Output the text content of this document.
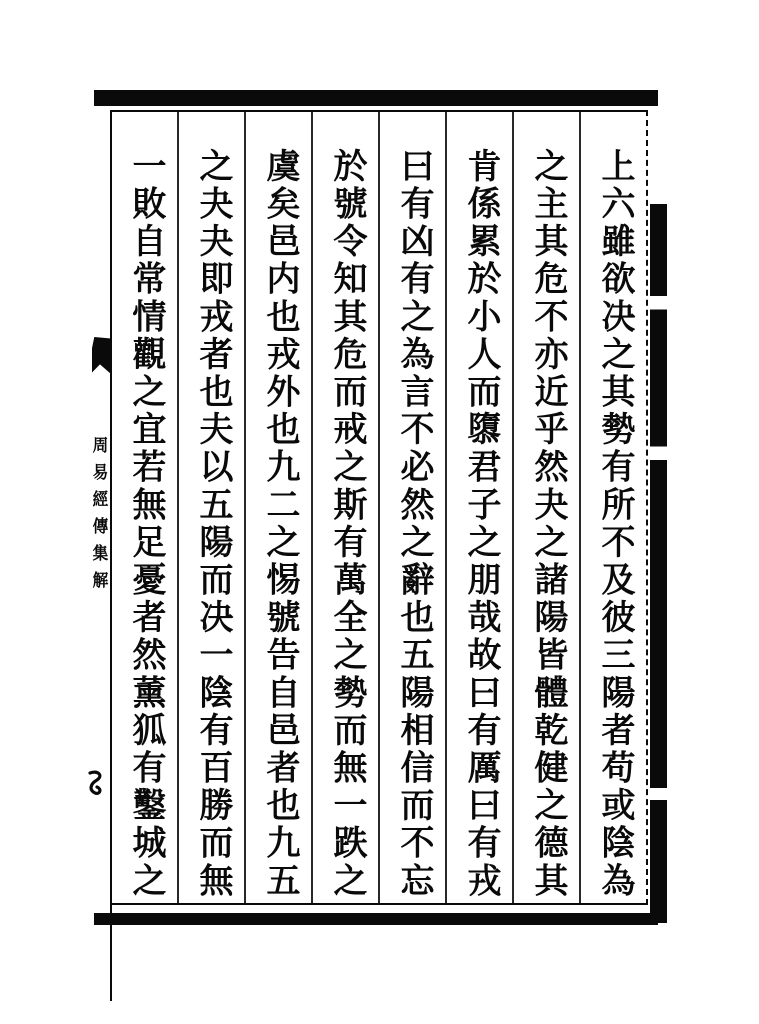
上六雖欲决之其勢有所不及彼三陽者苟或陰為
之主其危不亦近乎然夬之諸陽皆體乾健之德其
肯係累於小人而隳君子之朋哉故曰有厲曰有戎
曰有凶有之為言不必然之辭也五陽相信而不忘
於號令知其危而戒之斯有萬全之勢而無一跌之
虞矣邑内也戎外也九二之惕號告自邑者也九五
之夬夬即戎者也夫以五陽而决一陰有百勝而無
一敗自常情觀之宜若無足憂者然薰狐有鑿城之
周易經傳集解
